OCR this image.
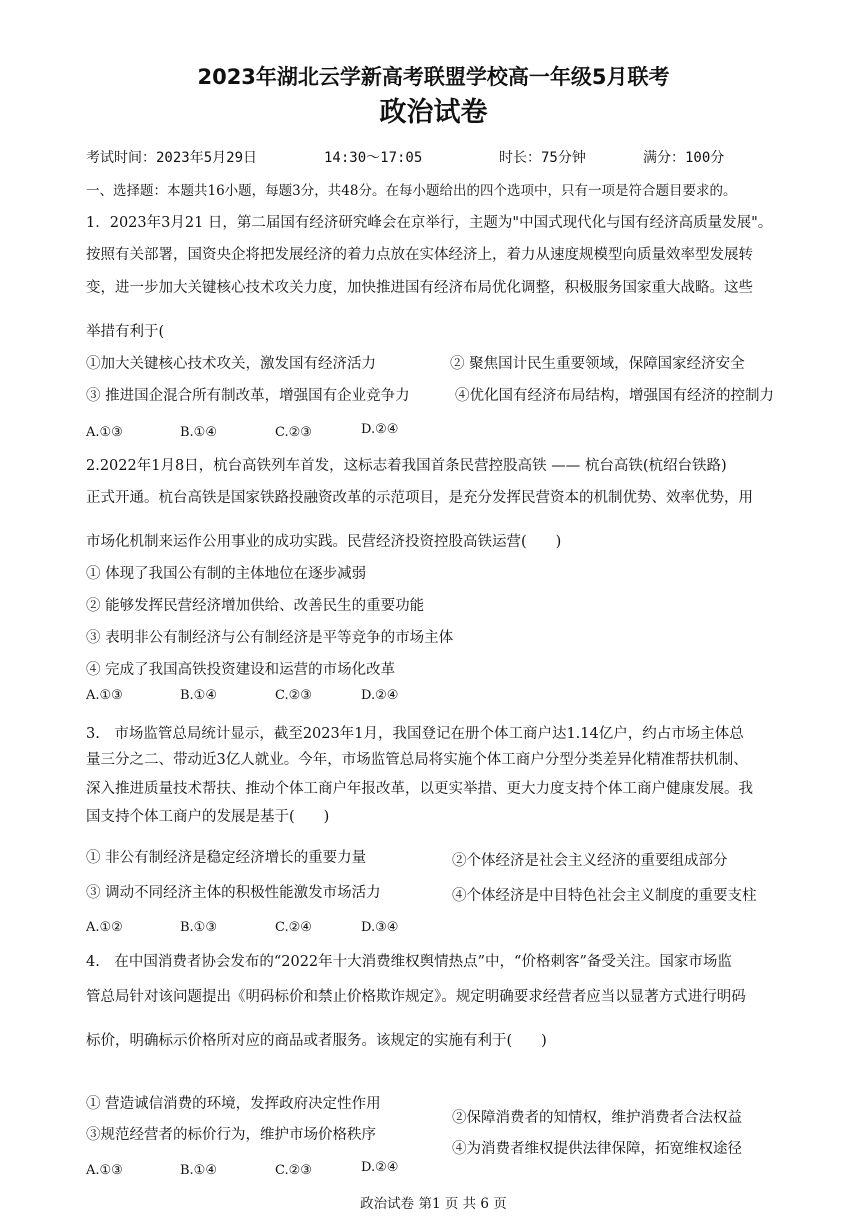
2023年湖北云学新高考联盟学校高一年级5月联考
政治试卷
考试时间：2023年5月29日	14:30～17:05	时长：75分钟	满分：100分
一、选择题：本题共16小题，每题3分，共48分。在每小题给出的四个选项中，只有一项是符合题目要求的。
1．2023年3月21 日，第二届国有经济研究峰会在京举行，主题为"中国式现代化与国有经济高质量发展"。
按照有关部署，国资央企将把发展经济的着力点放在实体经济上，着力从速度规模型向质量效率型发展转
变，进一步加大关键核心技术攻关力度，加快推进国有经济布局优化调整，积极服务国家重大战略。这些
举措有利于(
①加大关键核心技术攻关，激发国有经济活力	② 聚焦国计民生重要领域，保障国家经济安全
③ 推进国企混合所有制改革，增强国有企业竞争力	④优化国有经济布局结构，增强国有经济的控制力
A.①③	B.①④	C.②③	D.②④
2.2022年1月8日，杭台高铁列车首发，这标志着我国首条民营控股高铁 —— 杭台高铁(杭绍台铁路)
正式开通。杭台高铁是国家铁路投融资改革的示范项目，是充分发挥民营资本的机制优势、效率优势，用
市场化机制来运作公用事业的成功实践。民营经济投资控股高铁运营(　　)
① 体现了我国公有制的主体地位在逐步减弱
② 能够发挥民营经济增加供给、改善民生的重要功能
③ 表明非公有制经济与公有制经济是平等竞争的市场主体
④ 完成了我国高铁投资建设和运营的市场化改革
A.①③	B.①④	C.②③	D.②④
3.　市场监管总局统计显示，截至2023年1月，我国登记在册个体工商户达1.14亿户，约占市场主体总
量三分之二、带动近3亿人就业。今年，市场监管总局将实施个体工商户分型分类差异化精准帮扶机制、
深入推进质量技术帮扶、推动个体工商户年报改革，以更实举措、更大力度支持个体工商户健康发展。我
国支持个体工商户的发展是基于(　　)
① 非公有制经济是稳定经济增长的重要力量	②个体经济是社会主义经济的重要组成部分
③ 调动不同经济主体的积极性能激发市场活力	④个体经济是中目特色社会主义制度的重要支柱
A.①②	B.①③	C.②④	D.③④
4.　在中国消费者协会发布的“2022年十大消费维权舆情热点”中，“价格刺客”备受关注。国家市场监
管总局针对该问题提出《明码标价和禁止价格欺诈规定》。规定明确要求经营者应当以显著方式进行明码
标价，明确标示价格所对应的商品或者服务。该规定的实施有利于(　　)
① 营造诚信消费的环境，发挥政府决定性作用
②保障消费者的知情权，维护消费者合法权益
③规范经营者的标价行为，维护市场价格秩序
④为消费者维权提供法律保障，拓宽维权途径
A.①③	B.①④	C.②③	D.②④
政治试卷 第1 页 共 6 页
